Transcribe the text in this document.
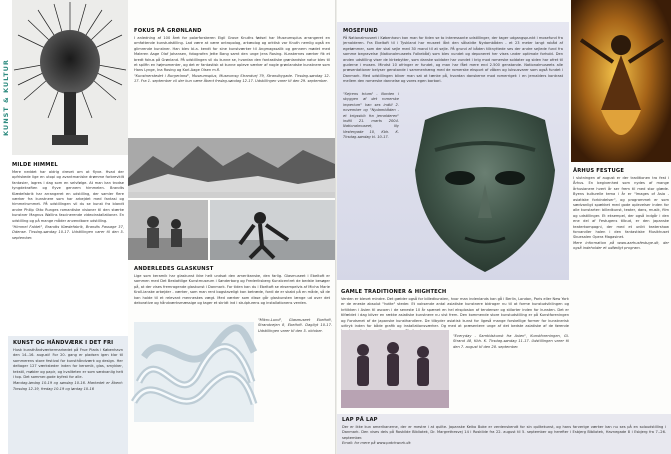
KUNST & KULTUR
MILDE HIMMEL
Mere neddet har aldrig drevet om at flyve. Hvad der opfriskede lige en utopi og avantmaniske drømme forbrevkilt fantasier, lagres i dag som en selvfølge. At man kan trodse tyngdekraften og flyve gennem himmelen. Brandts Klædefabrik har arrangeret en udstilling, der samler flere værker fra kunstnere som har arbejdet med fantasi og himmelrummet. På udstillingen vil du se kunst fra blandt andre Philip Otto Runges romantiske visioner til den stærke kunstner Magnus Wallins fascinerende videoinstallationer. En udstilling og på mange måder anvendbare udstilling.
"Himmel Faldet", Brandts Klædefabrik, Brandts Passage 37, Odense. Tirsdag-søndag 10-17. Udstillingen varer til den 5. september.
KUNST OG HÅNDVÆRK I DET FRI
Husk kunsthåndværkermarkedet på Frue Plads i København den 14.-16. august! For 20. gang er pladsen igen klar til sommerens store festival for kunsthåndværk og design. Her deltager 127 værksteder inden for keramik, glas, smykker, tekstil, møbler og papir, og kvaliteten er som sædvanlig helt i top. Det sommer-gode byfest for alle.
Mandag-lørdag 10-19 og søndag 10-16. Markedet er åbent: Torsdag 12-19, fredag 10-19 og lørdag 10-16
FOKUS PÅ GRØNLAND
I anledning af 100 året for polarforskeren Eigil Grove Knuths fødsel har Museumsplus arrangeret en omfattende kunstudstilling. Lad være at være antropolog, arkæolog og arktisk var Knuth nemlig også en glimrende kunstner. Han blev bl.a. kendt for sine kunstværker til Angmagssalik og gennem mødet med Maleren Aage Olaf Johansen, fotografen Jette Bang samt den unge Jens Rosing. Kunsternes værker fik et bredt fokus på Grønland. På udstillingen vil du kunne se, hvordan den fantastiske grønlandske natur blev til et spilfin en højmomenter, og det er fantastisk at kunne opleve værker af nogle grønlandske kunstnere som Hans Lynge, Ina Rosing og Karl-Aage Olsen m.fl.
"Kunstnerstedet i Burgerland", Museumsplus, Museumsg Strandvej 79, Strandbygade. Tirsdag-søndag 12-17. Fra 1. september vil der kun være åbent fredag-søndag 12-17. Udstillingen varer til den 29. september.
ANDERLEDES GLASKUNST
Lige som keramik har glaskunst ikke helt undsat den amerikanske, den farlig. Glasmuseet i Ebeltoft er sammen med Det Bestattlige Kunstmuseum i Sønderborg og Frederiksberg Kunstcentret de bedste besøger på, at der vises fremragende glaskunst i Danmark. For tiden kan du i Ebeltoft se eksempelvis af Micha Marie Kroll-ianske arbejder - værker, som man rent bogstaveligt kan betræde, fordi de er skabt på en måde, så de kan holde til et relevant menneskes vægt. Med værker som disse går glaskunsten længe ud over det dekorative og håndværksmæssige og tager et skridt ind i skulpturens og installationens verden.
"Mikro-Lund", Glasmuseet Ebeltoft, Strandvejen 8, Ebeltoft. Dagligt 10-17. Udstillingen varer til den 5. oktober.
MOSEFUND
På Nationalmuseet i København kan man for tiden se to interessante udstillinger, der tager udgangspunkt i mosefund fra jernalderen. Fra Ebeltoft til i Tyskland har museet lånt den såkaldte Nydambåden - et 23 meter langt robåd af egetømmer, som der skal sejle med 30 mand til at sejle. På grund af båden tilknyttede ses der andre sejlede fund fra samme begravelse (Nationalmuseets Folkebåd) som blev vundet og deponeret her vises under optimale forhold. Den anden udstilling viser de kirkebytter, som danske soldater har vundet i krig mod romerske soldater og siden har ofret til guderne i mosen. Mindst 10 ofringer er fundet, og man har fået mere end 2.500 genstande. Nationalmuseets alle præsentationer belyser genstande i sammenhæng med de romerske eksport af våben og luksusvarer som også fundet i Danmark. Med udstillingen bliver man sat at tænke på, hvordan danskerne mod romerriget: i en jernalders kontrast mellem den romerske dannelse og vores egen barbari.
"Sejrens triumf - Norden i skyggen af det romerske imperium" kan ses indtil 2. november og "Nydambåden - et krigsskib fra jernalderen" indtil 21. marts 2004. Nationalmuseet, Ny Vestergade 10, Kbh. K. Tirsdag-søndag kl. 10-17.
ÅRHUS FESTUGE
I slutningen af august er der traditionen tro fest i Århus. En begivenhed som nydes af mange århusianere hvert år ser frem til med stor glæde. Byens kulturelle tema i år er "Images of Asia - asiatiske forbindelser", og programmet er som sædvanligt spækket med gode oplevelser inden for alle kunstarter: billedkunst, teater, dans, musik, film og udstillinger. Et eksempel, der også indgår i den ene del af Festugens tilbud, er den japanske teaterkompagni, der med et unikt teatershow forvandler halen i den fantastiske Musikhuset Skuesalen Opera Magasinet.
Mere information på www.aarhusfestuge.dk, der også indeholder et udførligt program.
GAMLE TRADITIONER & HIGHTECH
Verden er blevet mindre. Det gælder også for billedkunsten, hvor man indenlands kan gå i Berlin, London, Paris eller New York er de eneste absolut "hotte" steder. Et voksende antal asiatiske kunstnere bidrager nu til at forme kunstudviklingen og kritikken i Asien til ascoen i de seneste 10 år spænet en hel eksplosion af tendenser og stilarter inden for kunsten. Det er tilfældet i dag bliver en række asiatiske kunstnere nu vist frem. Den kommende store kunstudstilling er på Kunstforeningen og Fondsmet af de japanske kunsthandlere. De tilbyder asiatisk kunst for ligeså mange forskellige former for kunstnerisk udtryk inden for både grafik og installationsværker. Og med at præsentere unge af det bedste asiatiske af de førende
"Everyday - Samtidskunst fra Asien", Kunstforeningen, Gl. Strand 48, Kbh. K. Tirsdag-søndag 11-17. Udstillingen varer til den 7. august til den 28. september.
LAP PÅ LAP
Der er ikke kun amerikanerne, der er mestre i at quilte. Japanske Keiko Boke er verdenskendt for sin quiltekunst, og hans farverige værker kan nu ses på en soloudstilling i Danmark. Den vises dels på Roskilde Bibliotek, Dr. Margrethesvej 14 i Roskilde fra 22. august til 5. september og herefter i Esbjerg Bibliotek, Havnegade 8 i Esbjerg fra 7.-26. september.
Email: for mere på www.patchwork.dk
